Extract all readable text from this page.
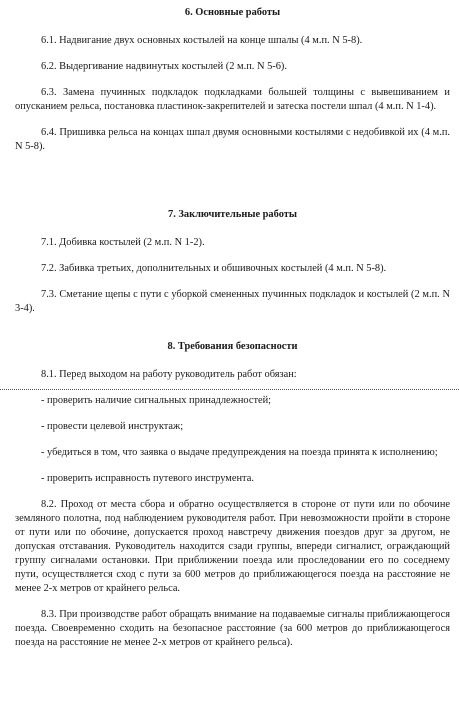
6. Основные работы

6.1. Надвигание двух основных костылей на конце шпалы (4 м.п. N 5-8).

6.2. Выдергивание надвинутых костылей (2 м.п. N 5-6).

6.3. Замена пучинных подкладок подкладками большей толщины с вывешиванием и опусканием рельса, постановка пластинок-закрепителей и затеска постели шпал (4 м.п. N 1-4).

6.4. Пришивка рельса на концах шпал двумя основными костылями с недобивкой их (4 м.п. N 5-8).

7. Заключительные работы

7.1. Добивка костылей (2 м.п. N 1-2).

7.2. Забивка третьих, дополнительных и обшивочных костылей (4 м.п. N 5-8).

7.3. Сметание щепы с пути с уборкой смененных пучинных подкладок и костылей (2 м.п. N 3-4).

8. Требования безопасности

8.1. Перед выходом на работу руководитель работ обязан:

- проверить наличие сигнальных принадлежностей;

- провести целевой инструктаж;

- убедиться в том, что заявка о выдаче предупреждения на поезда принята к исполнению;

- проверить исправность путевого инструмента.

8.2. Проход от места сбора и обратно осуществляется в стороне от пути или по обочине земляного полотна, под наблюдением руководителя работ. При невозможности пройти в стороне от пути или по обочине, допускается проход навстречу движения поездов друг за другом, не допуская отставания. Руководитель находится сзади группы, впереди сигналист, ограждающий группу сигналами остановки. При приближении поезда или проследовании его по соседнему пути, осуществляется сход с пути за 600 метров до приближающегося поезда на расстояние не менее 2-х метров от крайнего рельса.

8.3. При производстве работ обращать внимание на подаваемые сигналы приближающегося поезда. Своевременно сходить на безопасное расстояние (за 600 метров до приближающегося поезда на расстояние не менее 2-х метров от крайнего рельса).
